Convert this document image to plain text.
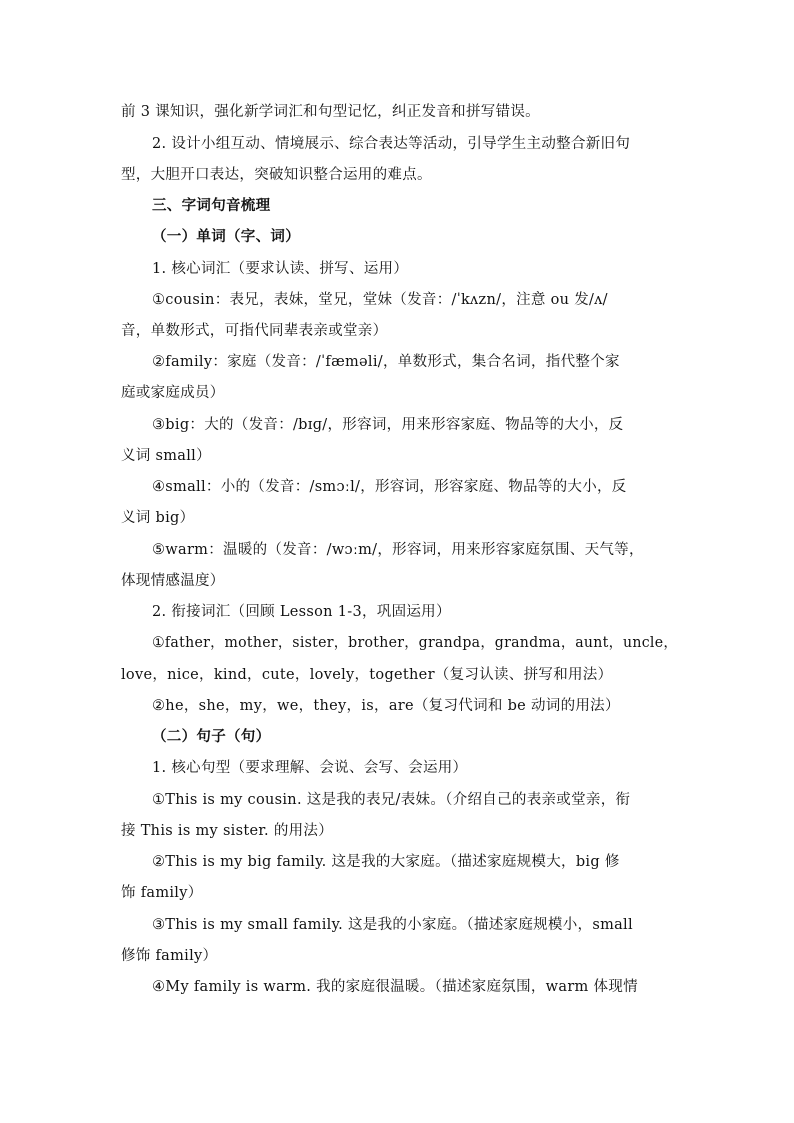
前 3 课知识，强化新学词汇和句型记忆，纠正发音和拼写错误。
2. 设计小组互动、情境展示、综合表达等活动，引导学生主动整合新旧句
型，大胆开口表达，突破知识整合运用的难点。
三、字词句音梳理
（一）单词（字、词）
1. 核心词汇（要求认读、拼写、运用）
①cousin：表兄，表妹，堂兄，堂妹（发音：/ˈkʌzn/，注意 ou 发/ʌ/
音，单数形式，可指代同辈表亲或堂亲）
②family：家庭（发音：/ˈfæməli/，单数形式，集合名词，指代整个家
庭或家庭成员）
③big：大的（发音：/bɪɡ/，形容词，用来形容家庭、物品等的大小，反
义词 small）
④small：小的（发音：/smɔːl/，形容词，形容家庭、物品等的大小，反
义词 big）
⑤warm：温暖的（发音：/wɔːm/，形容词，用来形容家庭氛围、天气等，
体现情感温度）
2. 衔接词汇（回顾 Lesson 1-3，巩固运用）
①father，mother，sister，brother，grandpa，grandma，aunt，uncle，
love，nice，kind，cute，lovely，together（复习认读、拼写和用法）
②he，she，my，we，they，is，are（复习代词和 be 动词的用法）
（二）句子（句）
1. 核心句型（要求理解、会说、会写、会运用）
①This is my cousin. 这是我的表兄/表妹。（介绍自己的表亲或堂亲，衔
接 This is my sister. 的用法）
②This is my big family. 这是我的大家庭。（描述家庭规模大，big 修
饰 family）
③This is my small family. 这是我的小家庭。（描述家庭规模小，small
修饰 family）
④My family is warm. 我的家庭很温暖。（描述家庭氛围，warm 体现情
